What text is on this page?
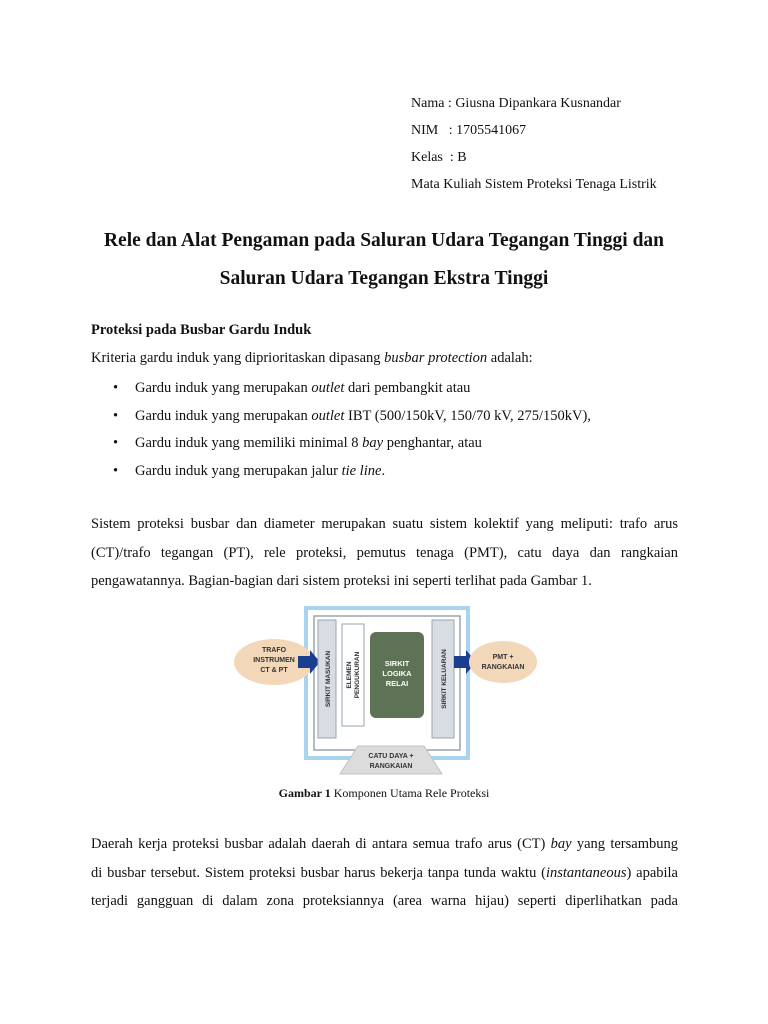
Nama : Giusna Dipankara Kusnandar
NIM   : 1705541067
Kelas  : B
Mata Kuliah Sistem Proteksi Tenaga Listrik
Rele dan Alat Pengaman pada Saluran Udara Tegangan Tinggi dan
Saluran Udara Tegangan Ekstra Tinggi
Proteksi pada Busbar Gardu Induk
Kriteria gardu induk yang diprioritaskan dipasang busbar protection adalah:
• Gardu induk yang merupakan outlet dari pembangkit atau
• Gardu induk yang merupakan outlet IBT (500/150kV, 150/70 kV, 275/150kV),
• Gardu induk yang memiliki minimal 8 bay penghantar, atau
• Gardu induk yang merupakan jalur tie line.
Sistem proteksi busbar dan diameter merupakan suatu sistem kolektif yang meliputi: trafo arus
(CT)/trafo tegangan (PT), rele proteksi, pemutus tenaga (PMT), catu daya dan rangkaian
pengawatannya. Bagian-bagian dari sistem proteksi ini seperti terlihat pada Gambar 1.
TRAFO
INSTRUMEN
CT & PT	SIRKIT MASUKAN ELEMEN PENGUKURAN	SIRKIT
LOGIKA
RELAI	SIRKIT KELUARAN	PMT +
RANGKAIAN
CATU DAYA +
RANGKAIAN
Gambar 1 Komponen Utama Rele Proteksi
Daerah kerja proteksi busbar adalah daerah di antara semua trafo arus (CT) bay yang tersambung
di busbar tersebut. Sistem proteksi busbar harus bekerja tanpa tunda waktu (instantaneous) apabila
terjadi gangguan di dalam zona proteksiannya (area warna hijau) seperti diperlihatkan pada
